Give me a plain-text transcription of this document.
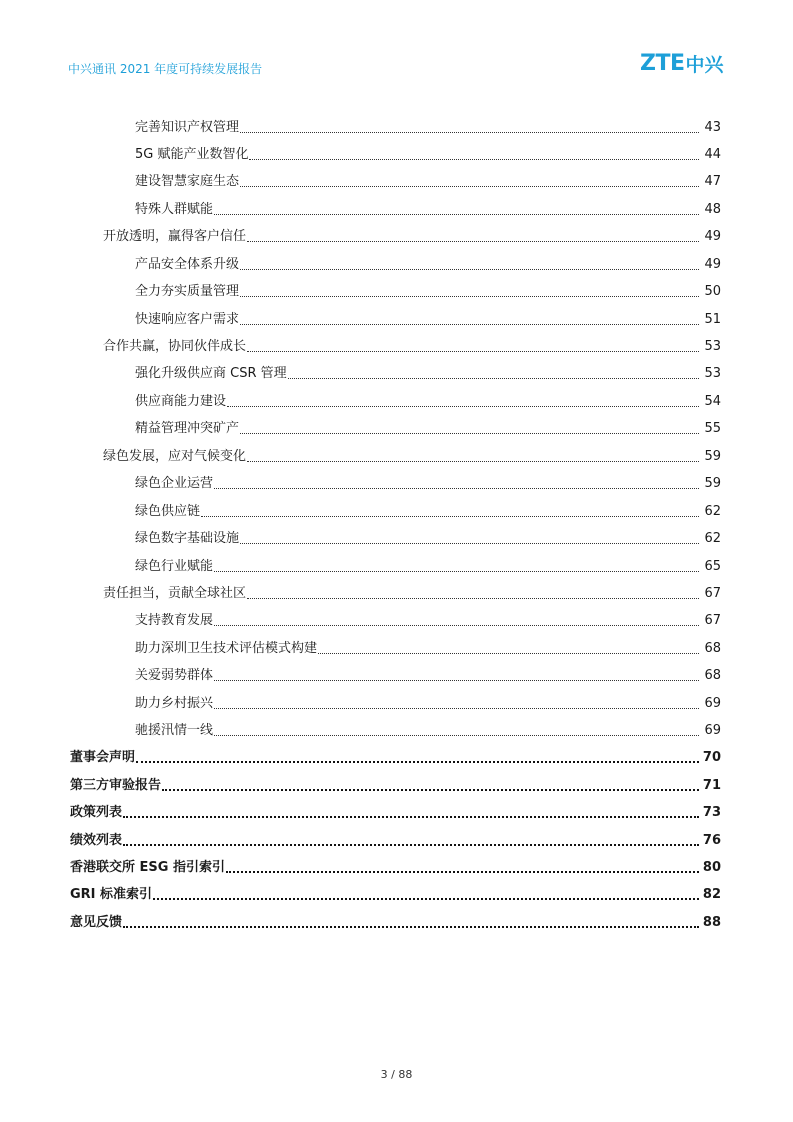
中兴通讯 2021 年度可持续发展报告	ZTE 中兴
完善知识产权管理	43
5G 赋能产业数智化	44
建设智慧家庭生态	47
特殊人群赋能	48
开放透明，赢得客户信任	49
产品安全体系升级	49
全力夯实质量管理	50
快速响应客户需求	51
合作共赢，协同伙伴成长	53
强化升级供应商 CSR 管理	53
供应商能力建设	54
精益管理冲突矿产	55
绿色发展，应对气候变化	59
绿色企业运营	59
绿色供应链	62
绿色数字基础设施	62
绿色行业赋能	65
责任担当，贡献全球社区	67
支持教育发展	67
助力深圳卫生技术评估模式构建	68
关爱弱势群体	68
助力乡村振兴	69
驰援汛情一线	69
董事会声明	70
第三方审验报告	71
政策列表	73
绩效列表	76
香港联交所 ESG 指引索引	80
GRI 标准索引	82
意见反馈	88
3 / 88
